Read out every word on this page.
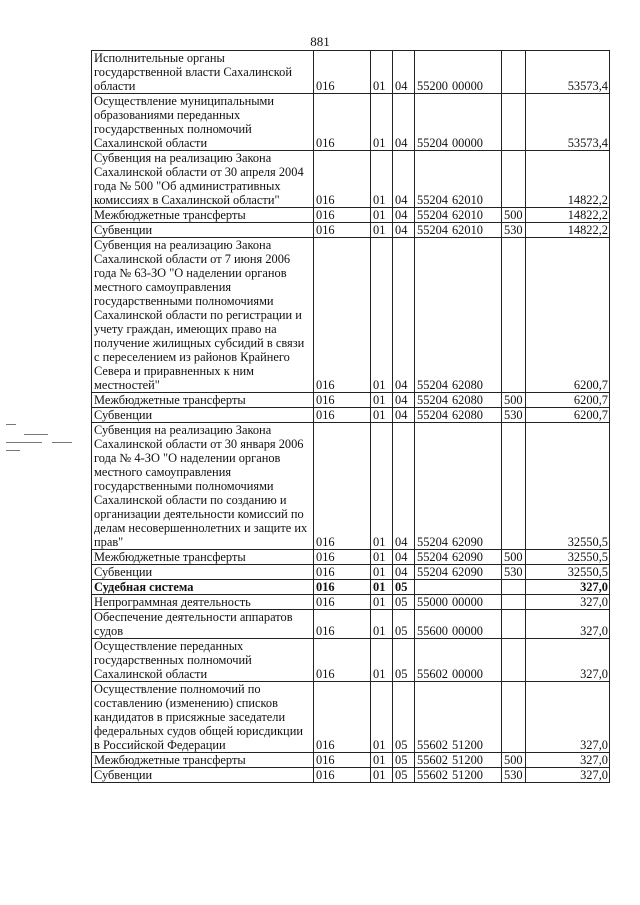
881
Исполнительные органы государственной власти Сахалинской области	016	01	04	55200 00000		53573,4
Осуществление муниципальными образованиями переданных государственных полномочий Сахалинской области	016	01	04	55204 00000		53573,4
Субвенция на реализацию Закона Сахалинской области от 30 апреля 2004 года № 500 "Об административных комиссиях в Сахалинской области"	016	01	04	55204 62010		14822,2
Межбюджетные трансферты	016	01	04	55204 62010	500	14822,2
Субвенции	016	01	04	55204 62010	530	14822,2
Субвенция на реализацию Закона Сахалинской области от 7 июня 2006 года № 63-ЗО "О наделении органов местного самоуправления государственными полномочиями Сахалинской области по регистрации и учету граждан, имеющих право на получение жилищных субсидий в связи с переселением из районов Крайнего Севера и приравненных к ним местностей"	016	01	04	55204 62080		6200,7
Межбюджетные трансферты	016	01	04	55204 62080	500	6200,7
Субвенции	016	01	04	55204 62080	530	6200,7
Субвенция на реализацию Закона Сахалинской области от 30 января 2006 года № 4-ЗО "О наделении органов местного самоуправления государственными полномочиями Сахалинской области по созданию и организации деятельности комиссий по делам несовершеннолетних и защите их прав"	016	01	04	55204 62090		32550,5
Межбюджетные трансферты	016	01	04	55204 62090	500	32550,5
Субвенции	016	01	04	55204 62090	530	32550,5
Судебная система	016	01	05			327,0
Непрограммная деятельность	016	01	05	55000 00000		327,0
Обеспечение деятельности аппаратов судов	016	01	05	55600 00000		327,0
Осуществление переданных государственных полномочий Сахалинской области	016	01	05	55602 00000		327,0
Осуществление полномочий по составлению (изменению) списков кандидатов в присяжные заседатели федеральных судов общей юрисдикции в Российской Федерации	016	01	05	55602 51200		327,0
Межбюджетные трансферты	016	01	05	55602 51200	500	327,0
Субвенции	016	01	05	55602 51200	530	327,0
